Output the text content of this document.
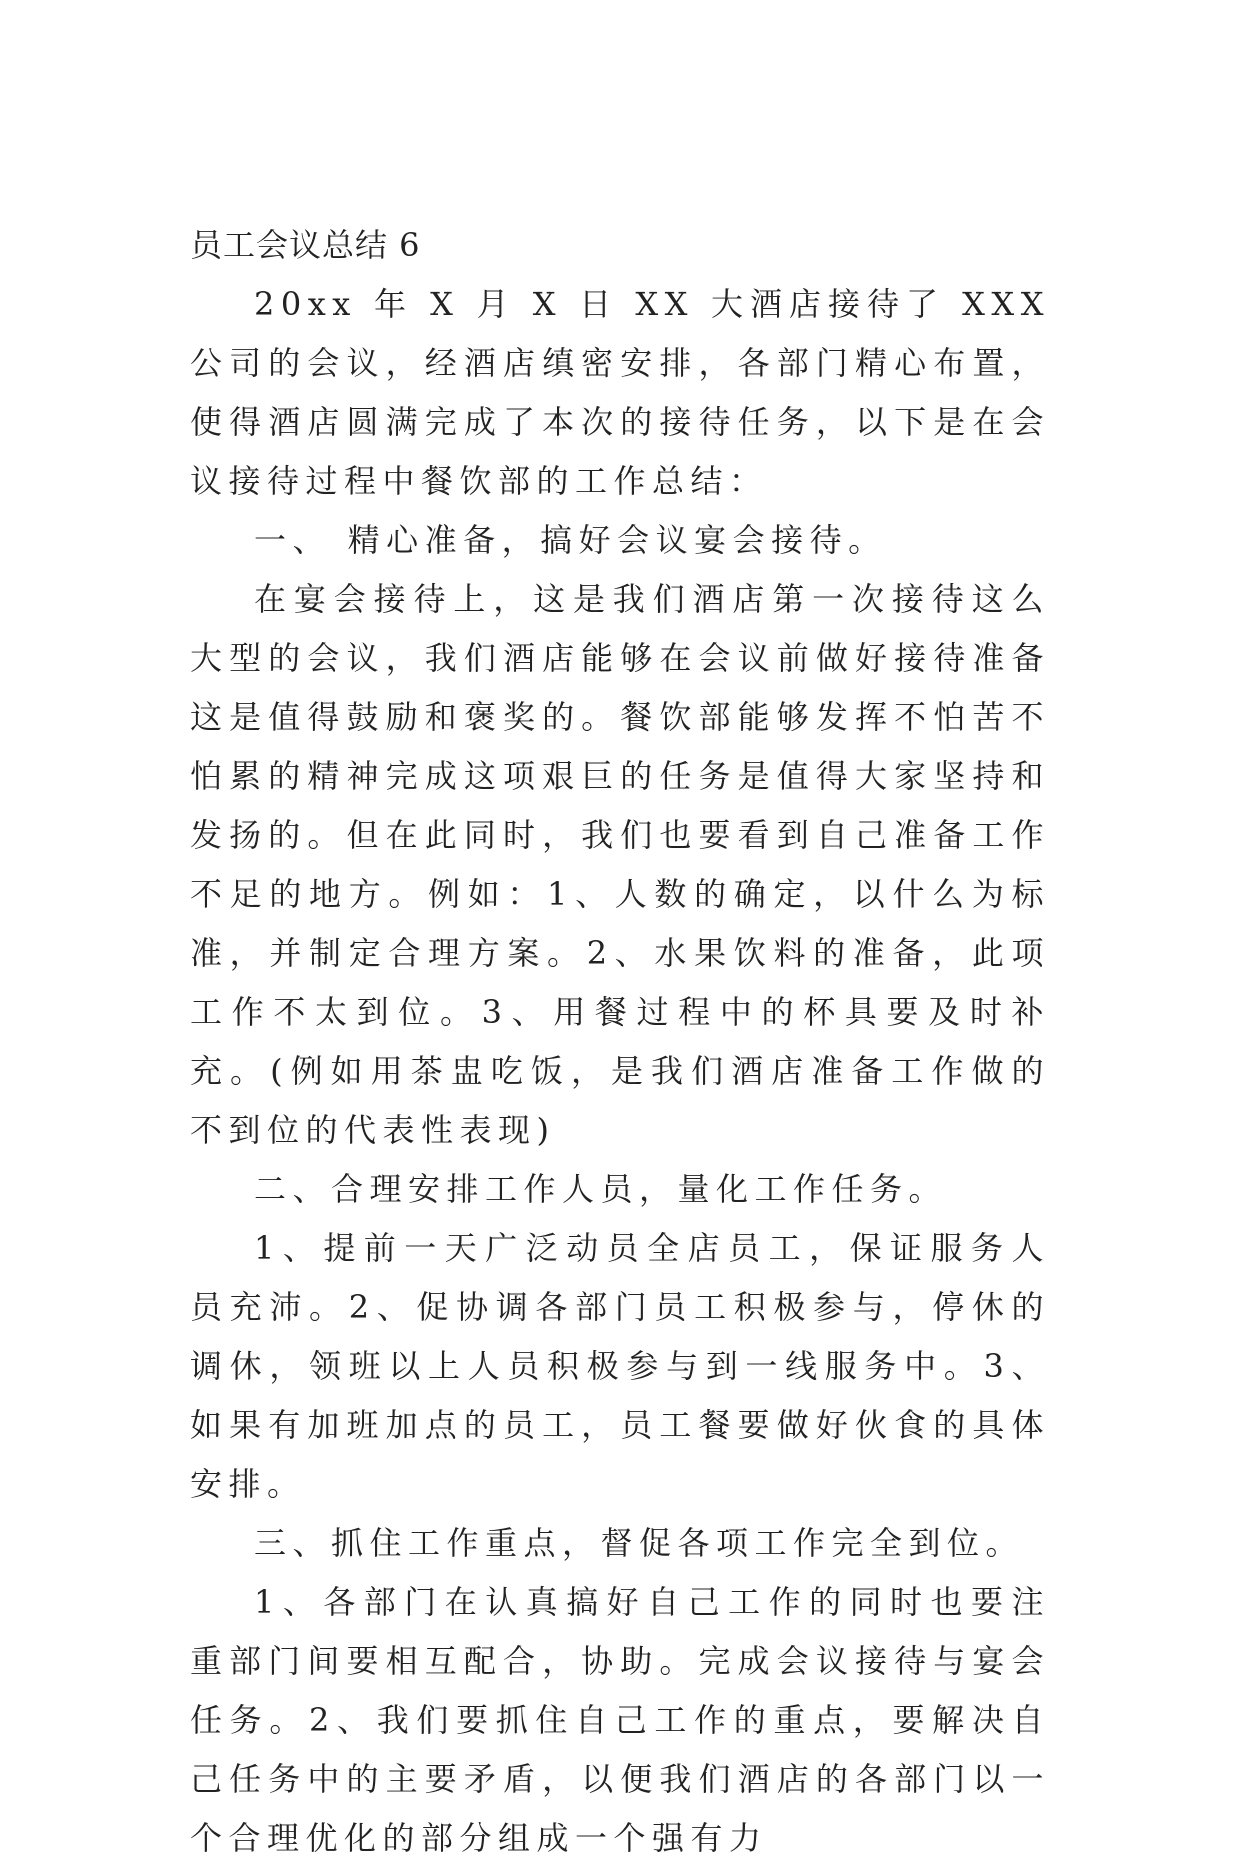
员工会议总结 6

20xx 年 X 月 X 日 XX 大酒店接待了 XXX 公司的会议，经酒店缜密安排，各部门精心布置，使得酒店圆满完成了本次的接待任务，以下是在会议接待过程中餐饮部的工作总结：

一、 精心准备，搞好会议宴会接待。

在宴会接待上，这是我们酒店第一次接待这么大型的会议，我们酒店能够在会议前做好接待准备这是值得鼓励和褒奖的。餐饮部能够发挥不怕苦不怕累的精神完成这项艰巨的任务是值得大家坚持和发扬的。但在此同时，我们也要看到自己准备工作不足的地方。例如：1、人数的确定，以什么为标准，并制定合理方案。2、水果饮料的准备，此项工作不太到位。3、用餐过程中的杯具要及时补充。(例如用茶盅吃饭，是我们酒店准备工作做的不到位的代表性表现)

二、合理安排工作人员，量化工作任务。

1、提前一天广泛动员全店员工，保证服务人员充沛。2、促协调各部门员工积极参与，停休的调休，领班以上人员积极参与到一线服务中。3、如果有加班加点的员工，员工餐要做好伙食的具体安排。

三、抓住工作重点，督促各项工作完全到位。

1、各部门在认真搞好自己工作的同时也要注重部门间要相互配合，协助。完成会议接待与宴会任务。2、我们要抓住自己工作的重点，要解决自己任务中的主要矛盾，以便我们酒店的各部门以一个合理优化的部分组成一个强有力
